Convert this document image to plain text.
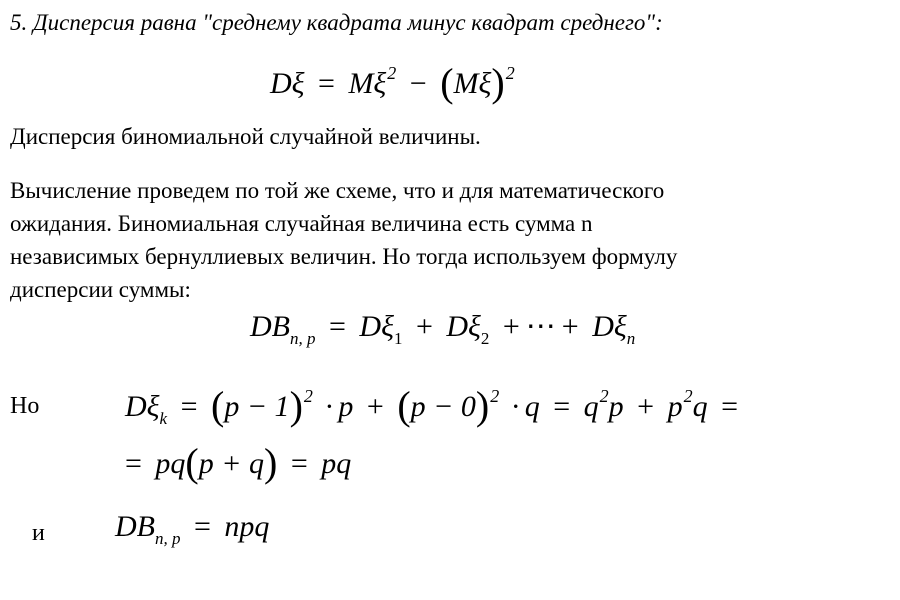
5. Дисперсия равна "среднему квадрата минус квадрат среднего":
$D\xi = M\xi^2 - (M\xi)^2$
Дисперсия биномиальной случайной величины.
Вычисление проведем по той же схеме, что и для математического
ожидания. Биномиальная случайная величина есть сумма n
независимых бернуллиевых величин. Но тогда используем формулу
дисперсии суммы:
$DB_{n, p} = D\xi_1 + D\xi_2$ + ⋯ + $D\xi_n$
Но	$D\xi_k = (p - 1)^2 \cdot p + (p - 0)^2 \cdot q = q^2p + p^2q$ =
= pq(p + q) = pq
и $DB_{n, p}$ = npq
